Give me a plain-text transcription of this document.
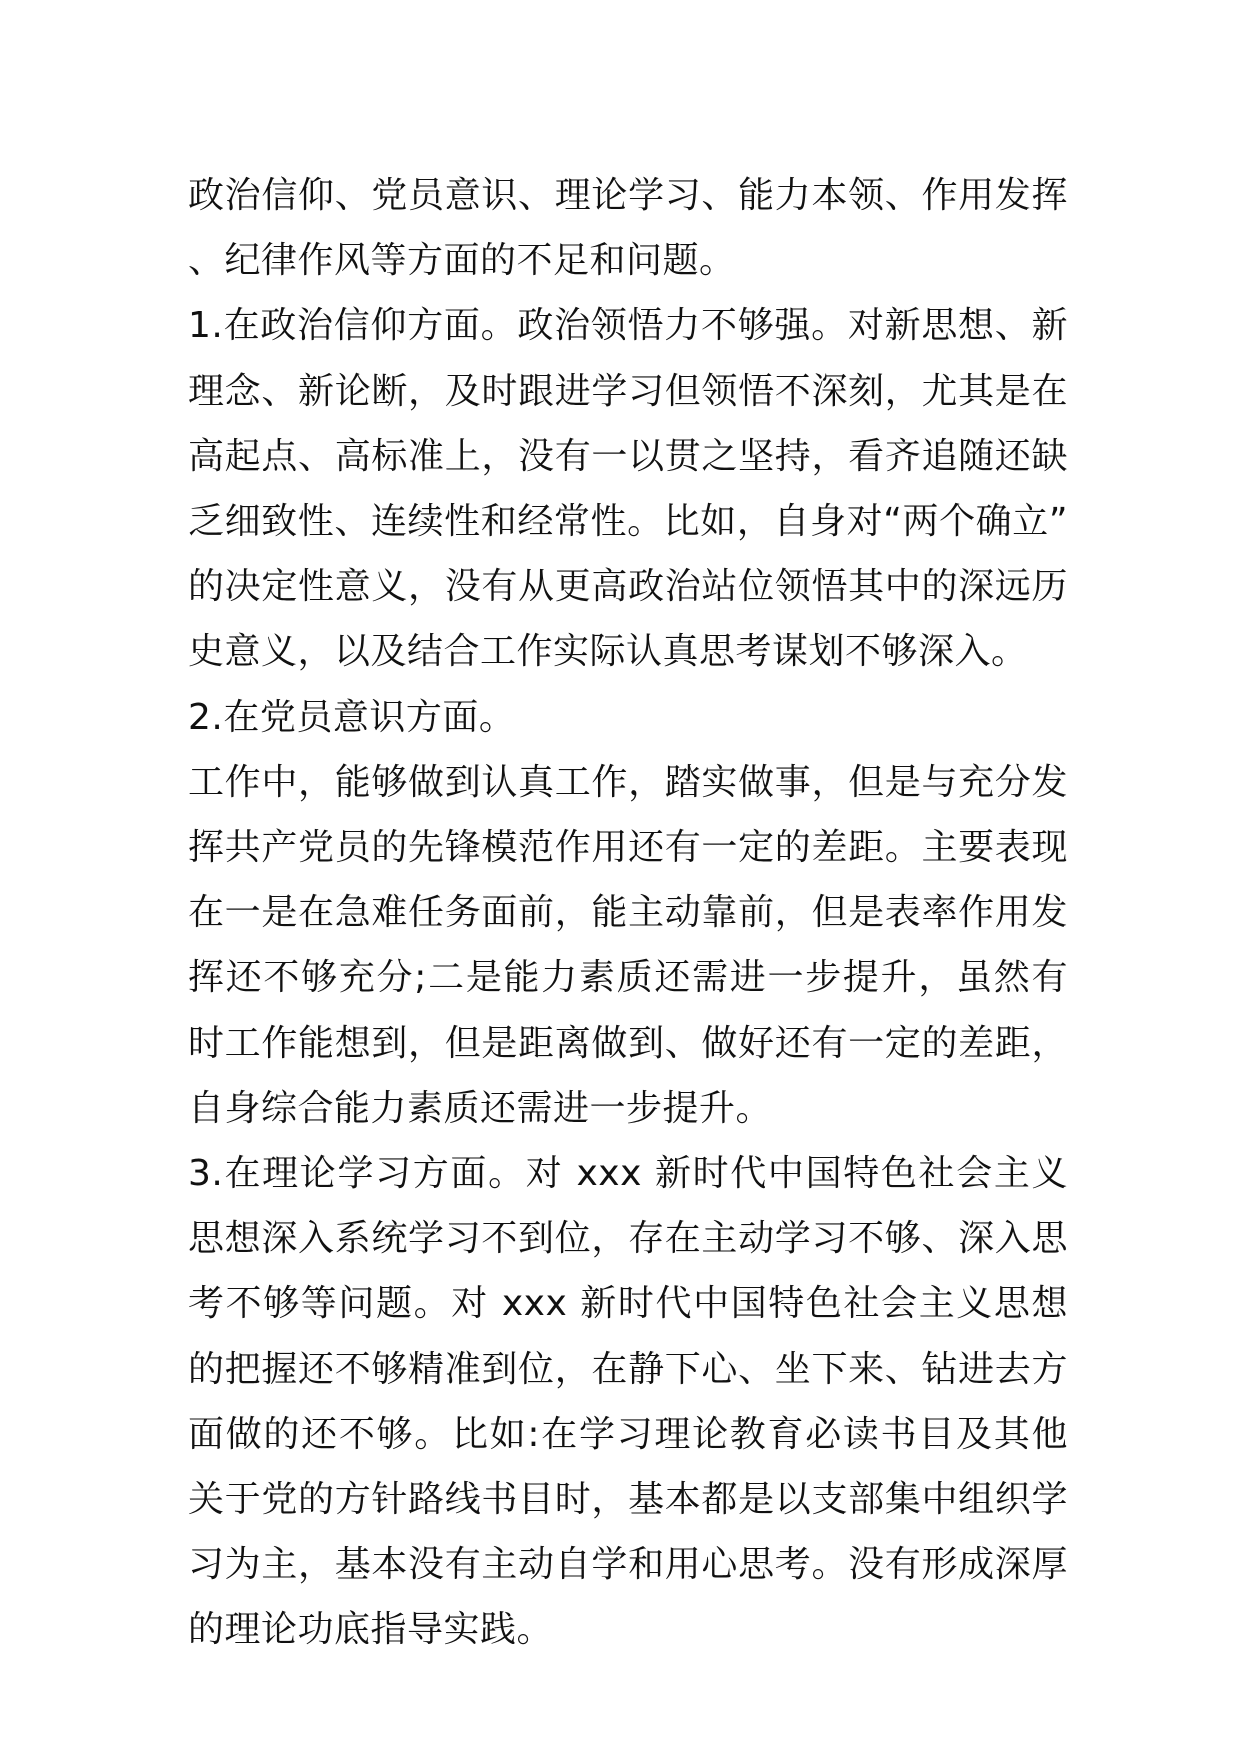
政治信仰、党员意识、理论学习、能力本领、作用发挥、纪律作风等方面的不足和问题。

1.在政治信仰方面。政治领悟力不够强。对新思想、新理念、新论断，及时跟进学习但领悟不深刻，尤其是在高起点、高标准上，没有一以贯之坚持，看齐追随还缺乏细致性、连续性和经常性。比如，自身对“两个确立”的决定性意义，没有从更高政治站位领悟其中的深远历史意义，以及结合工作实际认真思考谋划不够深入。

2.在党员意识方面。

工作中，能够做到认真工作，踏实做事，但是与充分发挥共产党员的先锋模范作用还有一定的差距。主要表现在一是在急难任务面前，能主动靠前，但是表率作用发挥还不够充分;二是能力素质还需进一步提升，虽然有时工作能想到，但是距离做到、做好还有一定的差距，自身综合能力素质还需进一步提升。

3.在理论学习方面。对 xxx 新时代中国特色社会主义思想深入系统学习不到位，存在主动学习不够、深入思考不够等问题。对 xxx 新时代中国特色社会主义思想的把握还不够精准到位，在静下心、坐下来、钻进去方面做的还不够。比如:在学习理论教育必读书目及其他关于党的方针路线书目时，基本都是以支部集中组织学习为主，基本没有主动自学和用心思考。没有形成深厚的理论功底指导实践。
